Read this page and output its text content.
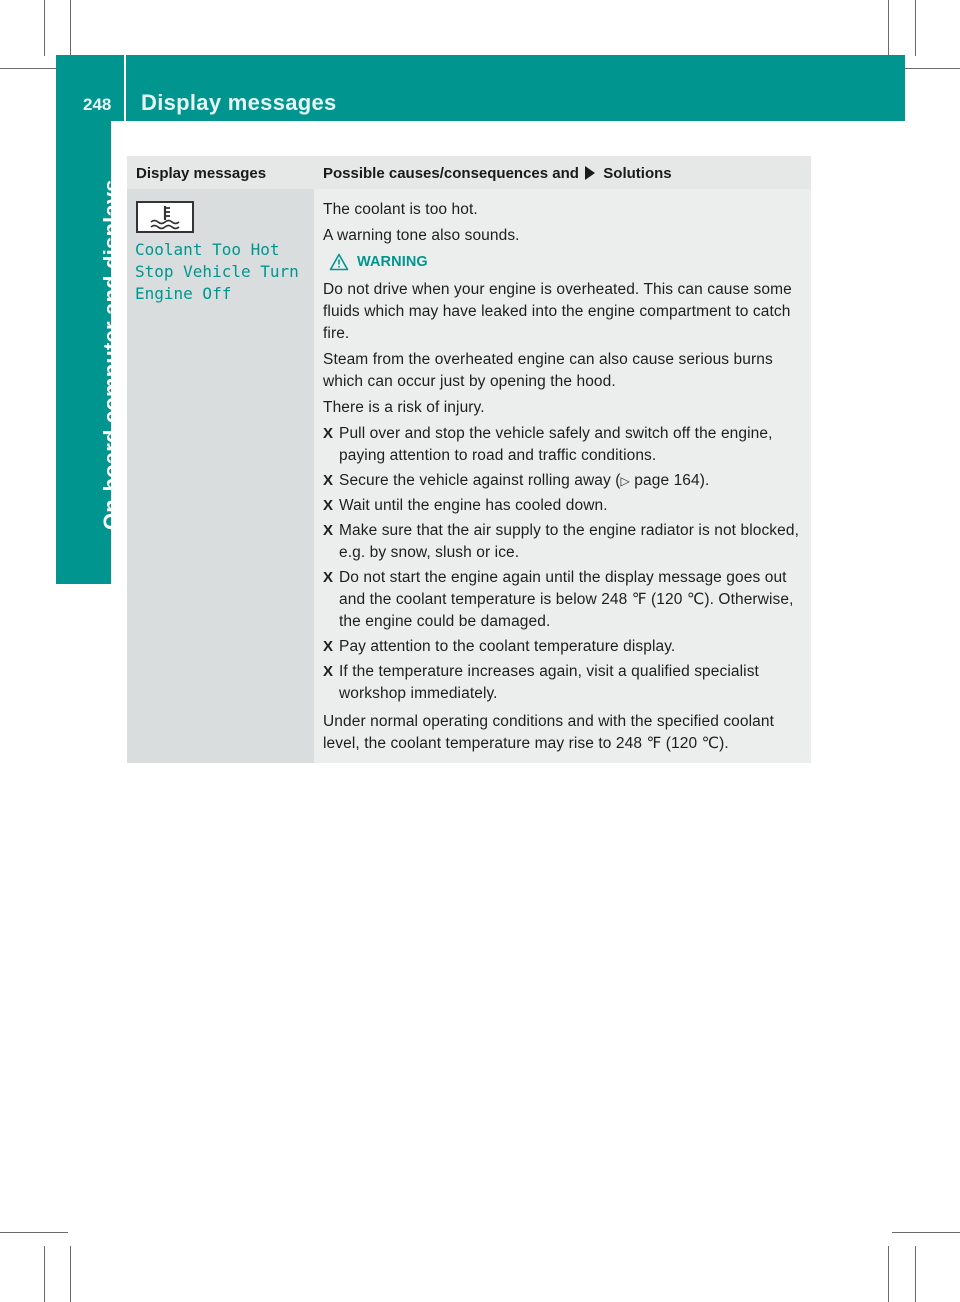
248 Display messages
On-board computer and displays
Display messages	Possible causes/consequences and Solutions
Coolant Too Hot
Stop Vehicle Turn
Engine Off

The coolant is too hot.

A warning tone also sounds.

WARNING

Do not drive when your engine is overheated. This can cause some fluids which may have leaked into the engine compartment to catch fire.

Steam from the overheated engine can also cause serious burns which can occur just by opening the hood.

There is a risk of injury.

X Pull over and stop the vehicle safely and switch off the engine, paying attention to road and traffic conditions.
X Secure the vehicle against rolling away (▷ page 164).
X Wait until the engine has cooled down.
X Make sure that the air supply to the engine radiator is not blocked, e.g. by snow, slush or ice.
X Do not start the engine again until the display message goes out and the coolant temperature is below 248 ℉ (120 ℃). Otherwise, the engine could be damaged.
X Pay attention to the coolant temperature display.
X If the temperature increases again, visit a qualified specialist workshop immediately.

Under normal operating conditions and with the specified coolant level, the coolant temperature may rise to 248 ℉ (120 ℃).
